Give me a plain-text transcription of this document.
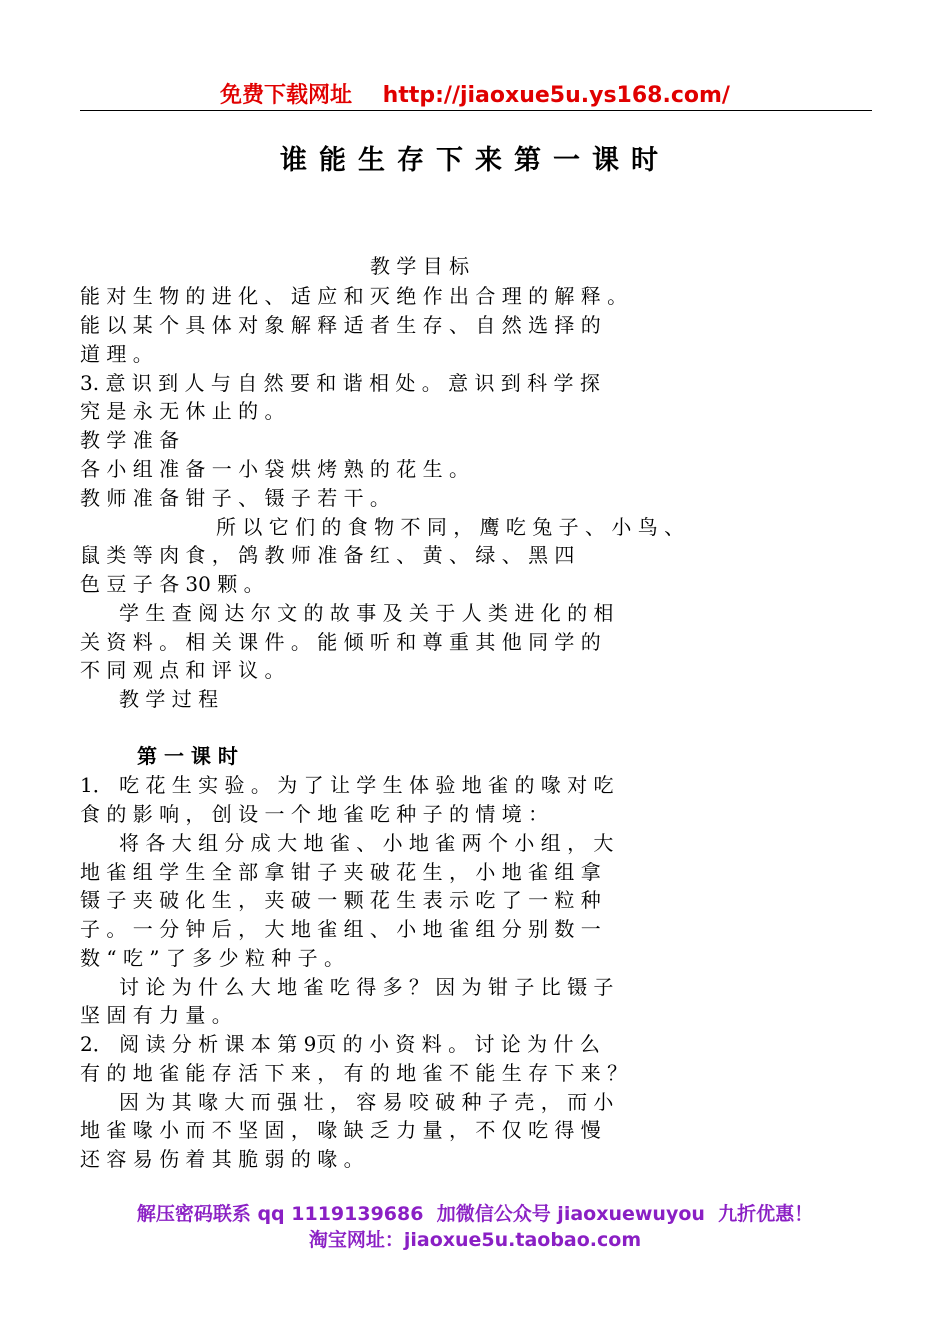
免费下载网址    http://jiaoxue5u.ys168.com/
谁能生存下来第一课时
教 学 目 标
能 对 生 物 的 进 化 、 适 应 和 灭 绝 作 出 合 理 的 解 释 。
能 以 某 个 具 体 对 象 解 释 适 者 生 存 、 自 然 选 择 的
道 理 。
3. 意 识 到 人 与 自 然 要 和 谐 相 处 。 意 识 到 科 学 探
究 是 永 无 休 止 的 。
教 学 准 备
各 小 组 准 备 一 小 袋 烘 烤 熟 的 花 生 。
教 师 准 备 钳 子 、 镊 子 若 干 。
所 以 它 们 的 食 物 不 同 ， 鹰 吃 兔 子 、 小 鸟 、
鼠 类 等 肉 食 ， 鸽 教 师 准 备 红 、 黄 、 绿 、 黑 四
色 豆 子 各 30 颗 。
学 生 查 阅 达 尔 文 的 故 事 及 关 于 人 类 进 化 的 相
关 资 料 。 相 关 课 件 。 能 倾 听 和 尊 重 其 他 同 学 的
不 同 观 点 和 评 议 。
教 学 过 程
第 一 课 时
1． 吃 花 生 实 验 。 为 了 让 学 生 体 验 地 雀 的 喙 对 吃
食 的 影 响 ， 创 设 一 个 地 雀 吃 种 子 的 情 境 ：
将 各 大 组 分 成 大 地 雀 、 小 地 雀 两 个 小 组 ， 大
地 雀 组 学 生 全 部 拿 钳 子 夹 破 花 生 ， 小 地 雀 组 拿
镊 子 夹 破 化 生 ， 夹 破 一 颗 花 生 表 示 吃 了 一 粒 种
子 。 一 分 钟 后 ， 大 地 雀 组 、 小 地 雀 组 分 别 数 一
数 “ 吃 ” 了 多 少 粒 种 子 。
讨 论 为 什 么 大 地 雀 吃 得 多 ？ 因 为 钳 子 比 镊 子
坚 固 有 力 量 。
2． 阅 读 分 析 课 本 第 9页 的 小 资 料 。 讨 论 为 什 么
有 的 地 雀 能 存 活 下 来 ， 有 的 地 雀 不 能 生 存 下 来 ？
因 为 其 喙 大 而 强 壮 ， 容 易 咬 破 种 子 壳 ， 而 小
地 雀 喙 小 而 不 坚 固 ， 喙 缺 乏 力 量 ， 不 仅 吃 得 慢
还 容 易 伤 着 其 脆 弱 的 喙 。
解压密码联系 qq 1119139686  加微信公众号 jiaoxuewuyou  九折优惠！
淘宝网址：jiaoxue5u.taobao.com
